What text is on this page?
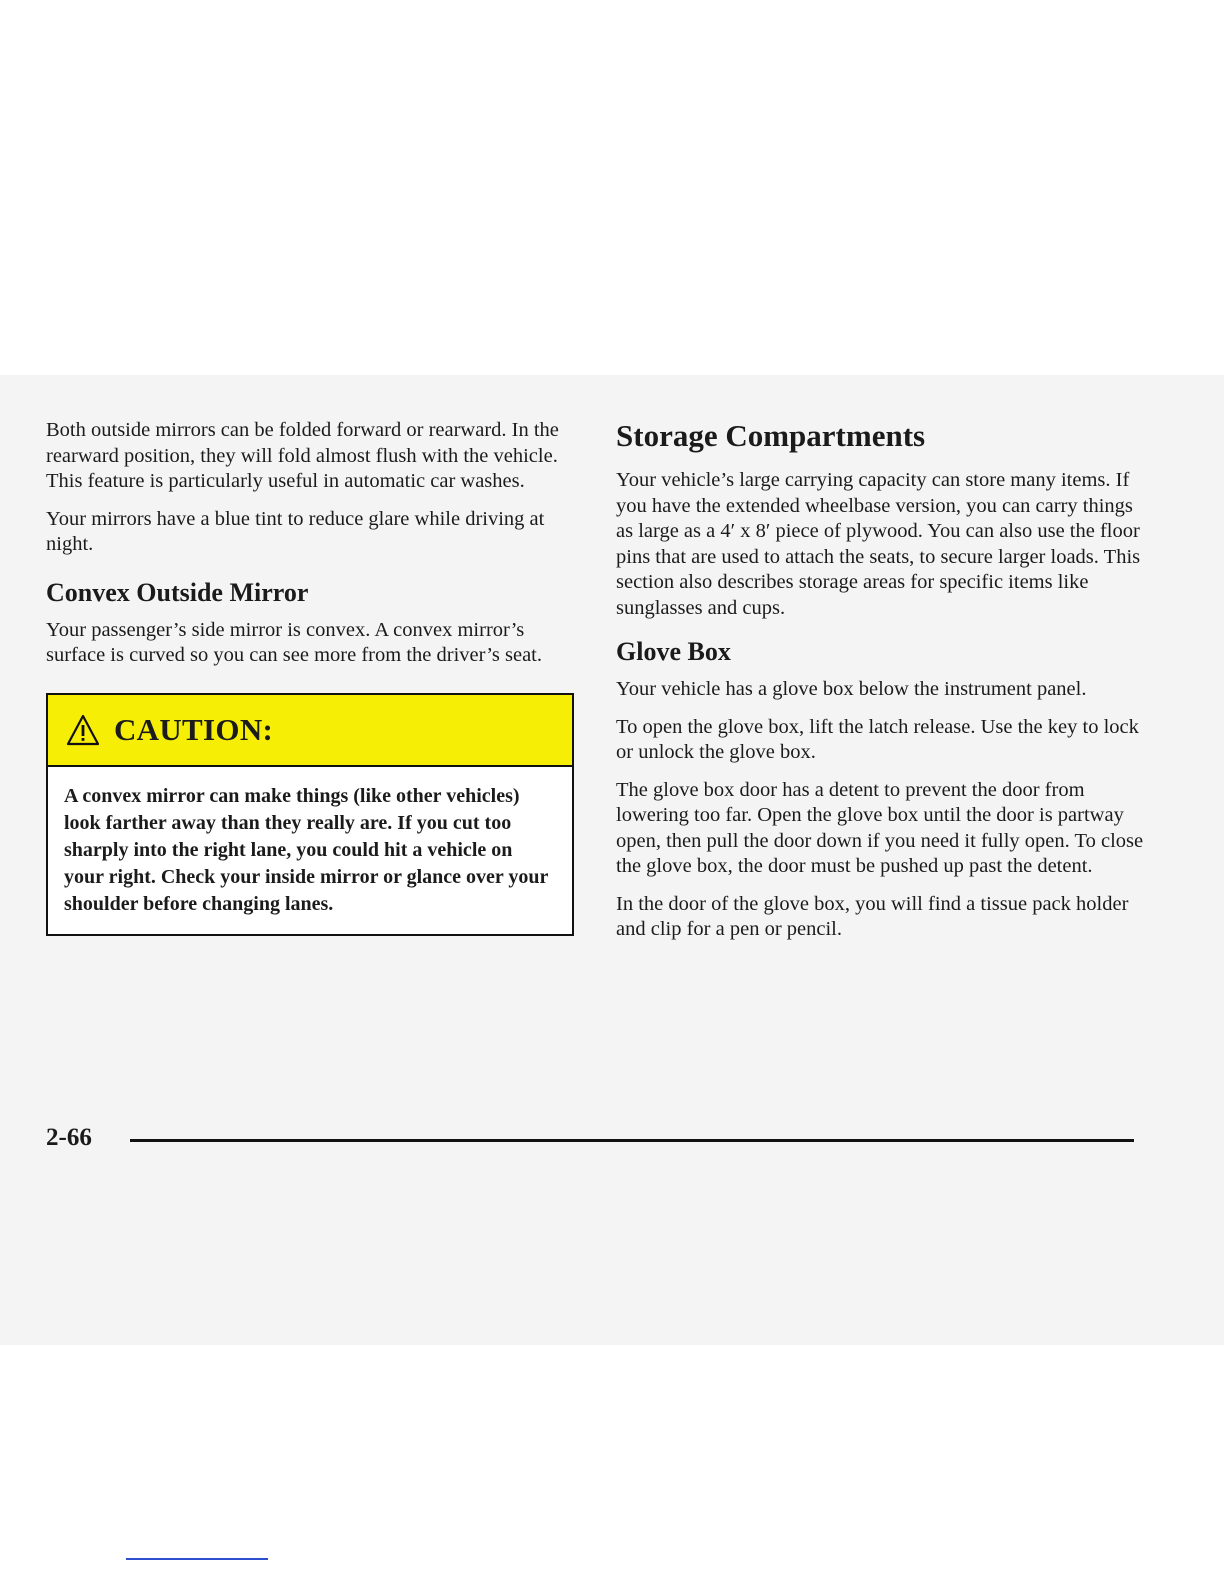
Both outside mirrors can be folded forward or rearward. In the rearward position, they will fold almost flush with the vehicle. This feature is particularly useful in automatic car washes.

Your mirrors have a blue tint to reduce glare while driving at night.

Convex Outside Mirror

Your passenger’s side mirror is convex. A convex mirror’s surface is curved so you can see more from the driver’s seat.

CAUTION:
A convex mirror can make things (like other vehicles) look farther away than they really are. If you cut too sharply into the right lane, you could hit a vehicle on your right. Check your inside mirror or glance over your shoulder before changing lanes.
Storage Compartments

Your vehicle’s large carrying capacity can store many items. If you have the extended wheelbase version, you can carry things as large as a 4′ x 8′ piece of plywood. You can also use the floor pins that are used to attach the seats, to secure larger loads. This section also describes storage areas for specific items like sunglasses and cups.

Glove Box

Your vehicle has a glove box below the instrument panel.

To open the glove box, lift the latch release. Use the key to lock or unlock the glove box.

The glove box door has a detent to prevent the door from lowering too far. Open the glove box until the door is partway open, then pull the door down if you need it fully open. To close the glove box, the door must be pushed up past the detent.

In the door of the glove box, you will find a tissue pack holder and clip for a pen or pencil.

2-66
